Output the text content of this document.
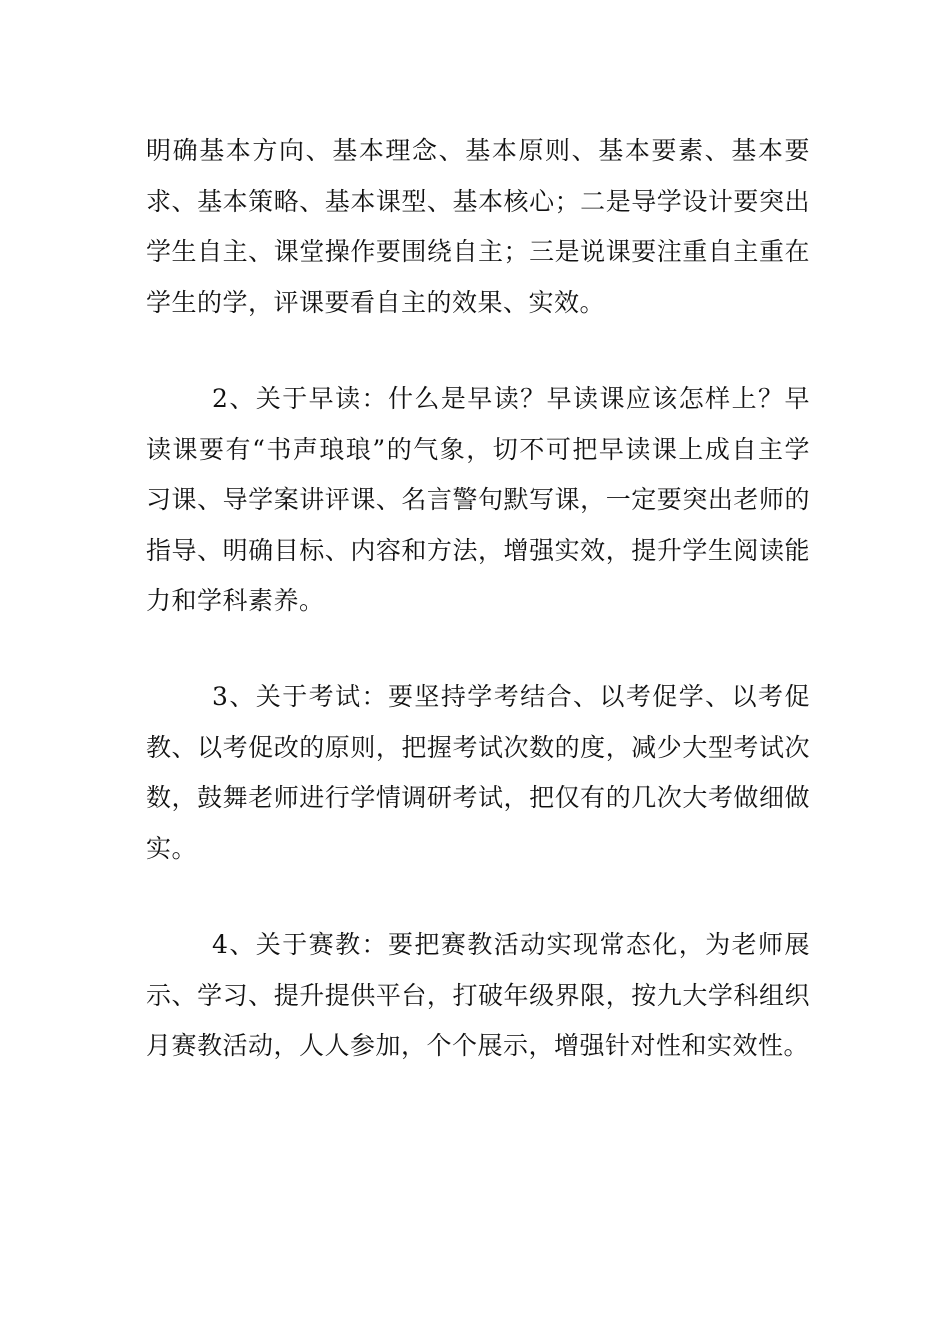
明确基本方向、基本理念、基本原则、基本要素、基本要求、基本策略、基本课型、基本核心；二是导学设计要突出学生自主、课堂操作要围绕自主；三是说课要注重自主重在学生的学，评课要看自主的效果、实效。

2、关于早读：什么是早读？早读课应该怎样上？早读课要有“书声琅琅”的气象，切不可把早读课上成自主学习课、导学案讲评课、名言警句默写课，一定要突出老师的指导、明确目标、内容和方法，增强实效，提升学生阅读能力和学科素养。

3、关于考试：要坚持学考结合、以考促学、以考促教、以考促改的原则，把握考试次数的度，减少大型考试次数，鼓舞老师进行学情调研考试，把仅有的几次大考做细做实。

4、关于赛教：要把赛教活动实现常态化，为老师展示、学习、提升提供平台，打破年级界限，按九大学科组织月赛教活动，人人参加，个个展示，增强针对性和实效性。
